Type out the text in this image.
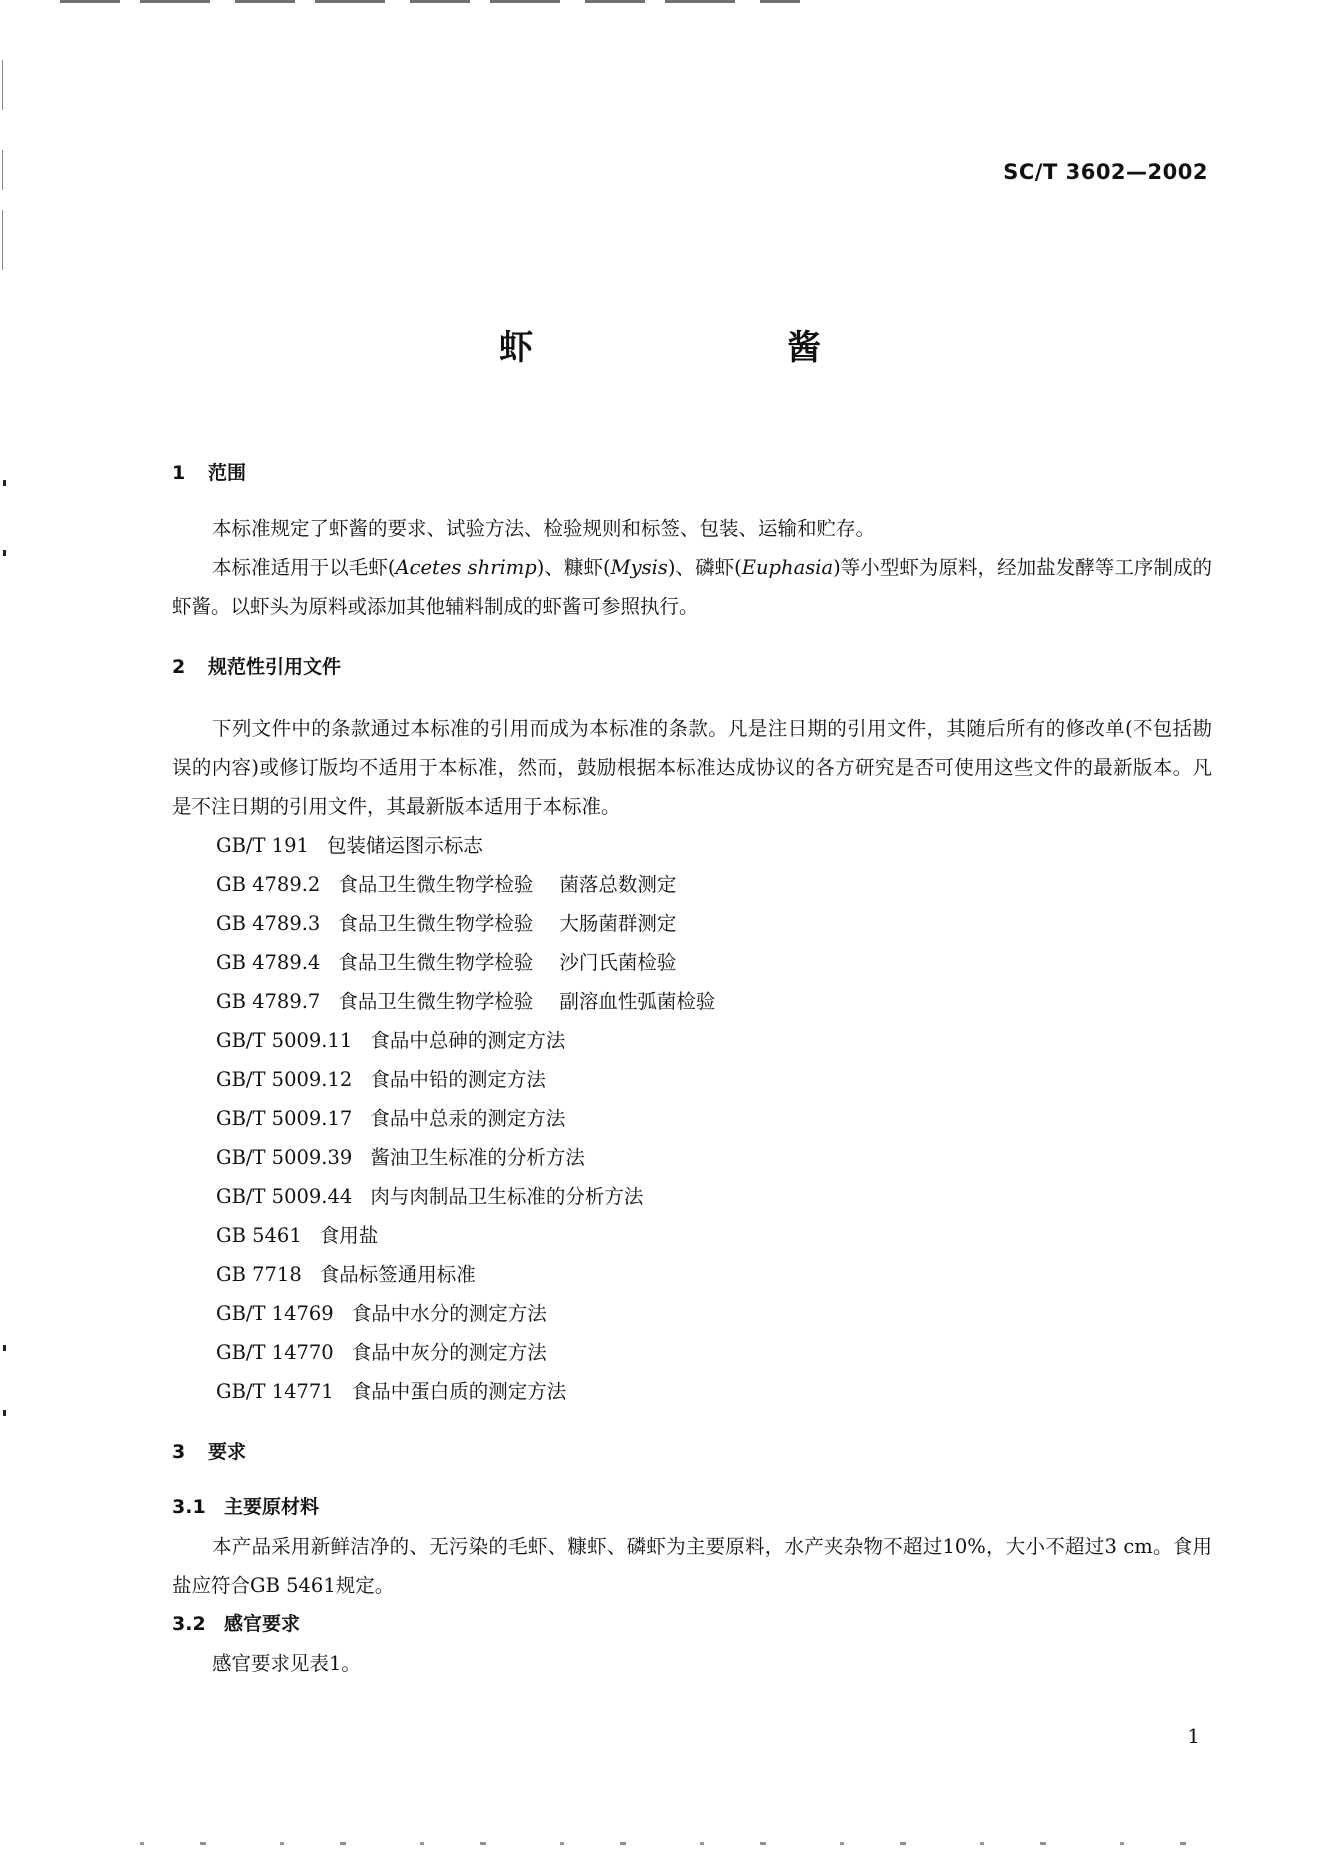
SC/T 3602—2002
虾　酱
1 范围

本标准规定了虾酱的要求、试验方法、检验规则和标签、包装、运输和贮存。

本标准适用于以毛虾(Acetes shrimp)、糠虾(Mysis)、磷虾(Euphasia)等小型虾为原料，经加盐发酵等工序制成的虾酱。以虾头为原料或添加其他辅料制成的虾酱可参照执行。

2 规范性引用文件

下列文件中的条款通过本标准的引用而成为本标准的条款。凡是注日期的引用文件，其随后所有的修改单(不包括勘误的内容)或修订版均不适用于本标准，然而，鼓励根据本标准达成协议的各方研究是否可使用这些文件的最新版本。凡是不注日期的引用文件，其最新版本适用于本标准。

GB/T 191 包装储运图示标志
GB 4789.2 食品卫生微生物学检验 菌落总数测定
GB 4789.3 食品卫生微生物学检验 大肠菌群测定
GB 4789.4 食品卫生微生物学检验 沙门氏菌检验
GB 4789.7 食品卫生微生物学检验 副溶血性弧菌检验
GB/T 5009.11 食品中总砷的测定方法
GB/T 5009.12 食品中铅的测定方法
GB/T 5009.17 食品中总汞的测定方法
GB/T 5009.39 酱油卫生标准的分析方法
GB/T 5009.44 肉与肉制品卫生标准的分析方法
GB 5461 食用盐
GB 7718 食品标签通用标准
GB/T 14769 食品中水分的测定方法
GB/T 14770 食品中灰分的测定方法
GB/T 14771 食品中蛋白质的测定方法
3 要求
3.1 主要原材料

本产品采用新鲜洁净的、无污染的毛虾、糠虾、磷虾为主要原料，水产夹杂物不超过10%，大小不超过3 cm。食用盐应符合GB 5461规定。

3.2 感官要求

感官要求见表1。

1
